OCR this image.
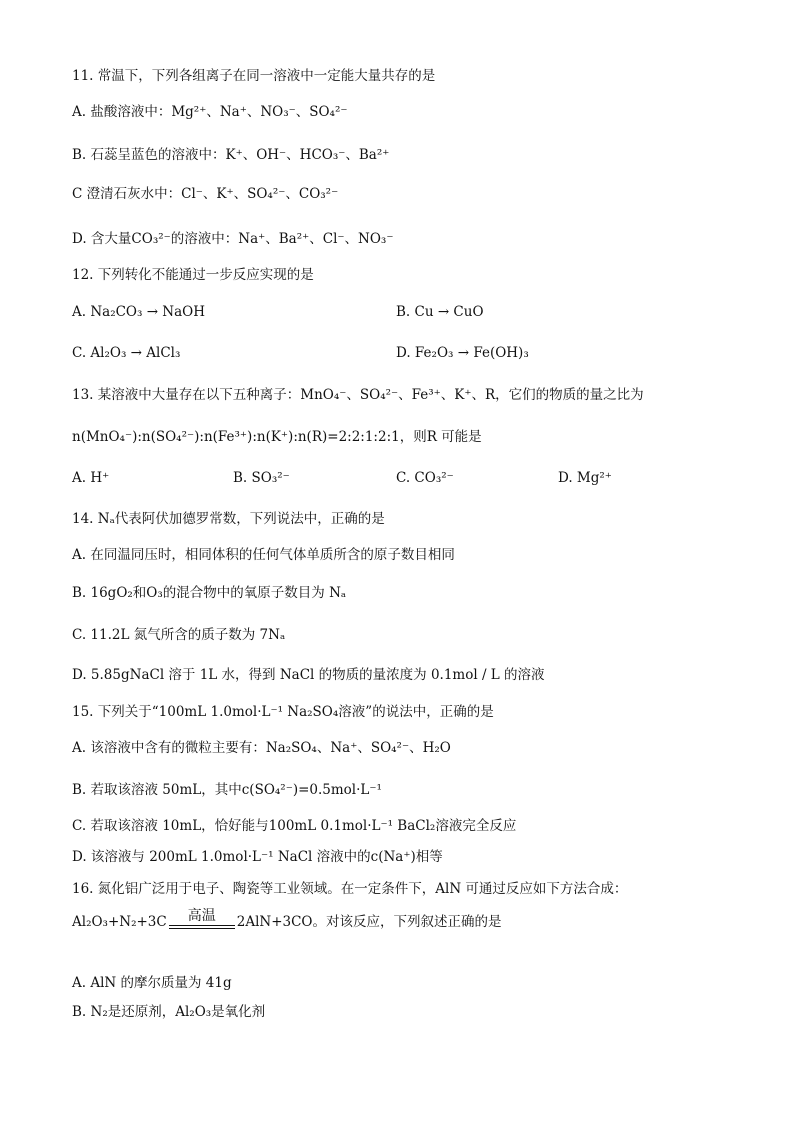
11. 常温下，下列各组离子在同一溶液中一定能大量共存的是
A. 盐酸溶液中：Mg²⁺、Na⁺、NO₃⁻、SO₄²⁻
B. 石蕊呈蓝色的溶液中：K⁺、OH⁻、HCO₃⁻、Ba²⁺
C 澄清石灰水中：Cl⁻、K⁺、SO₄²⁻、CO₃²⁻
D. 含大量CO₃²⁻的溶液中：Na⁺、Ba²⁺、Cl⁻、NO₃⁻
12. 下列转化不能通过一步反应实现的是
A. Na₂CO₃ → NaOH	B. Cu → CuO
C. Al₂O₃ → AlCl₃	D. Fe₂O₃ → Fe(OH)₃
13. 某溶液中大量存在以下五种离子：MnO₄⁻、SO₄²⁻、Fe³⁺、K⁺、R，它们的物质的量之比为
n(MnO₄⁻):n(SO₄²⁻):n(Fe³⁺):n(K⁺):n(R)=2:2:1:2:1，则R 可能是
A. H⁺	B. SO₃²⁻	C. CO₃²⁻	D. Mg²⁺
14. Nₐ代表阿伏加德罗常数，下列说法中，正确的是
A. 在同温同压时，相同体积的任何气体单质所含的原子数目相同
B. 16gO₂和O₃的混合物中的氧原子数目为 Nₐ
C. 11.2L 氮气所含的质子数为 7Nₐ
D. 5.85gNaCl 溶于 1L 水，得到 NaCl 的物质的量浓度为 0.1mol / L 的溶液
15. 下列关于“100mL 1.0mol·L⁻¹ Na₂SO₄溶液”的说法中，正确的是
A. 该溶液中含有的微粒主要有：Na₂SO₄、Na⁺、SO₄²⁻、H₂O
B. 若取该溶液 50mL，其中c(SO₄²⁻)=0.5mol·L⁻¹
C. 若取该溶液 10mL，恰好能与100mL 0.1mol·L⁻¹ BaCl₂溶液完全反应
D. 该溶液与 200mL 1.0mol·L⁻¹ NaCl 溶液中的c(Na⁺)相等
16. 氮化铝广泛用于电子、陶瓷等工业领域。在一定条件下，AlN 可通过反应如下方法合成：
Al₂O₃+N₂+3C	高温	2AlN+3CO。对该反应，下列叙述正确的是
A. AlN 的摩尔质量为 41g
B. N₂是还原剂，Al₂O₃是氧化剂
